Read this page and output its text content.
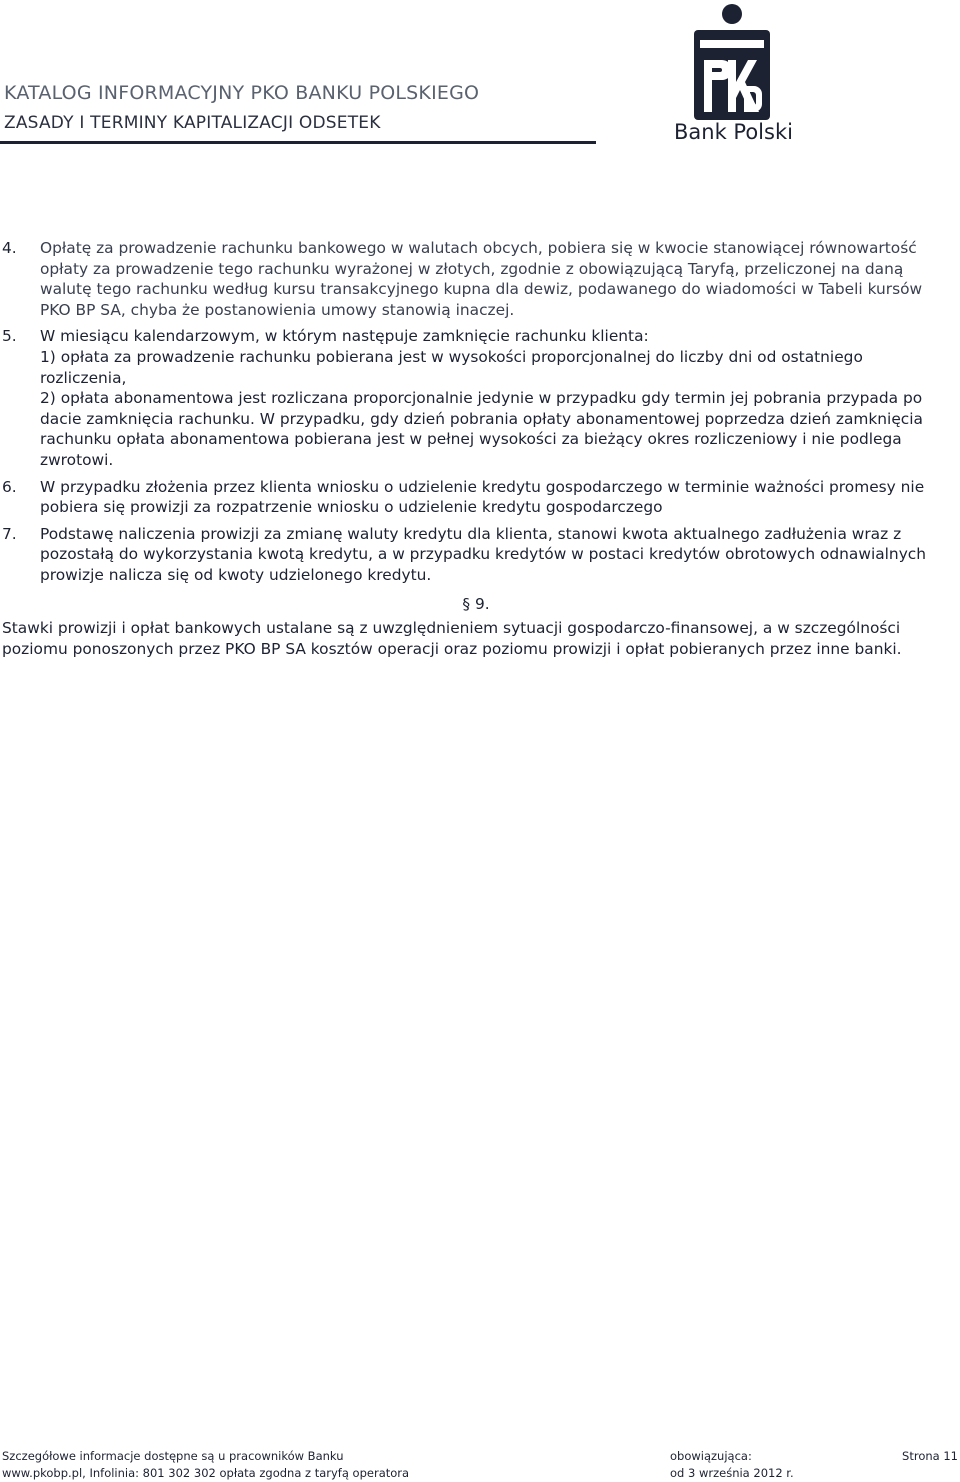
KATALOG INFORMACYJNY PKO BANKU POLSKIEGO
ZASADY I TERMINY KAPITALIZACJI ODSETEK	Bank Polski
4. Opłatę za prowadzenie rachunku bankowego w walutach obcych, pobiera się w kwocie stanowiącej równowartość opłaty za prowadzenie tego rachunku wyrażonej w złotych, zgodnie z obowiązującą Taryfą, przeliczonej na daną walutę tego rachunku według kursu transakcyjnego kupna dla dewiz, podawanego do wiadomości w Tabeli kursów PKO BP SA, chyba że postanowienia umowy stanowią inaczej.

5. W miesiącu kalendarzowym, w którym następuje zamknięcie rachunku klienta:

1) opłata za prowadzenie rachunku pobierana jest w wysokości proporcjonalnej do liczby dni od ostatniego rozliczenia,

2) opłata abonamentowa jest rozliczana proporcjonalnie jedynie w przypadku gdy termin jej pobrania przypada po dacie zamknięcia rachunku. W przypadku, gdy dzień pobrania opłaty abonamentowej poprzedza dzień zamknięcia rachunku opłata abonamentowa pobierana jest w pełnej wysokości za bieżący okres rozliczeniowy i nie podlega zwrotowi.

6. W przypadku złożenia przez klienta wniosku o udzielenie kredytu gospodarczego w terminie ważności promesy nie pobiera się prowizji za rozpatrzenie wniosku o udzielenie kredytu gospodarczego

7. Podstawę naliczenia prowizji za zmianę waluty kredytu dla klienta, stanowi kwota aktualnego zadłużenia wraz z pozostałą do wykorzystania kwotą kredytu, a w przypadku kredytów w postaci kredytów obrotowych odnawialnych prowizje nalicza się od kwoty udzielonego kredytu.

§ 9.

Stawki prowizji i opłat bankowych ustalane są z uwzględnieniem sytuacji gospodarczo-finansowej, a w szczególności poziomu ponoszonych przez PKO BP SA kosztów operacji oraz poziomu prowizji i opłat pobieranych przez inne banki.

Szczegółowe informacje dostępne są u pracowników Banku	obowiązująca:	Strona 11
www.pkobp.pl, Infolinia: 801 302 302 opłata zgodna z taryfą operatora	od 3 września 2012 r.
